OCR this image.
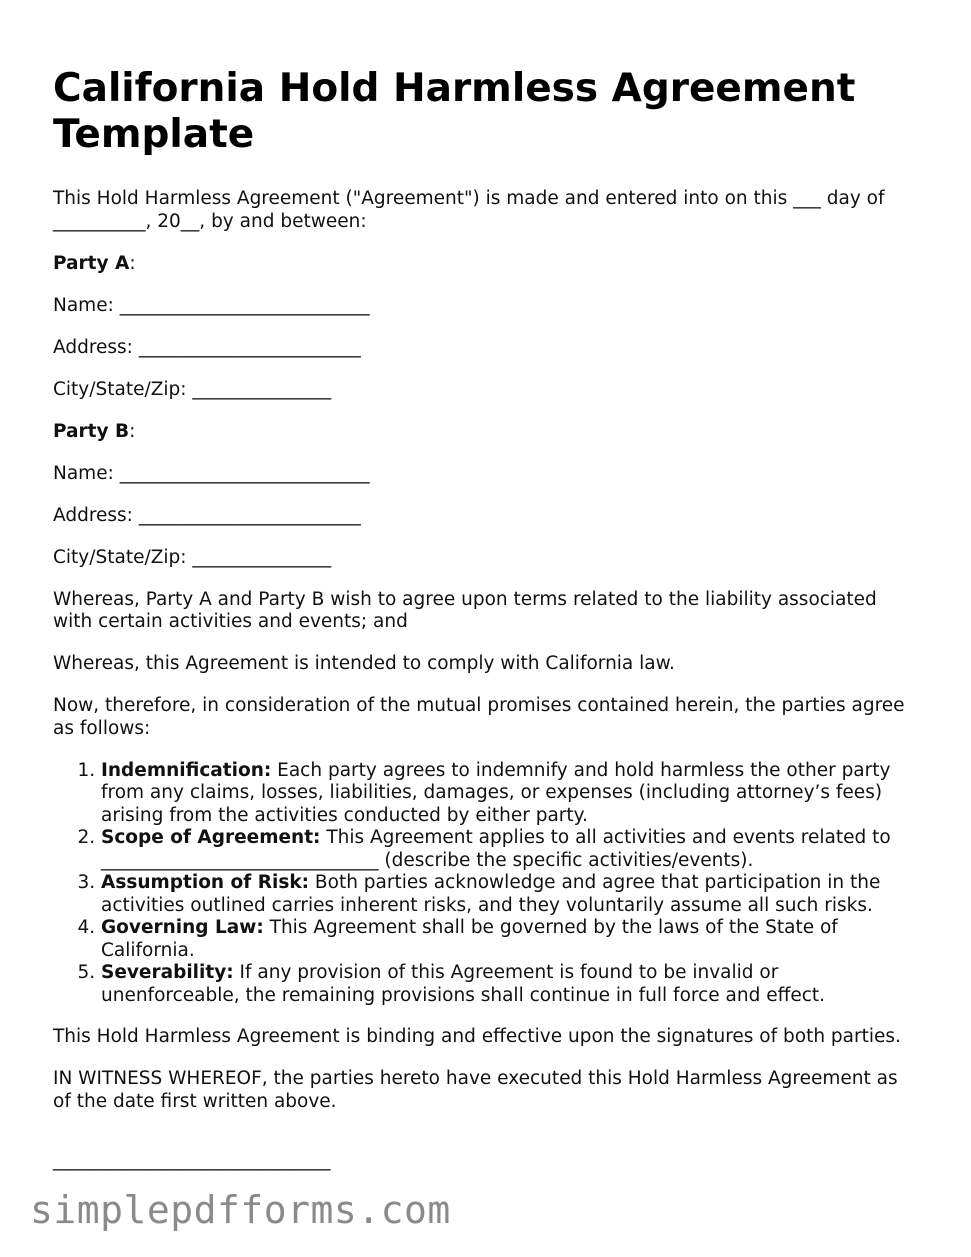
California Hold Harmless Agreement Template

This Hold Harmless Agreement ("Agreement") is made and entered into on this ___ day of __________, 20__, by and between:

Party A:

Name: ___________________________

Address: ________________________

City/State/Zip: _______________

Party B:

Name: ___________________________

Address: ________________________

City/State/Zip: _______________

Whereas, Party A and Party B wish to agree upon terms related to the liability associated with certain activities and events; and

Whereas, this Agreement is intended to comply with California law.

Now, therefore, in consideration of the mutual promises contained herein, the parties agree as follows:

1. Indemnification: Each party agrees to indemnify and hold harmless the other party from any claims, losses, liabilities, damages, or expenses (including attorney’s fees) arising from the activities conducted by either party.
2. Scope of Agreement: This Agreement applies to all activities and events related to ______________________________ (describe the specific activities/events).
3. Assumption of Risk: Both parties acknowledge and agree that participation in the activities outlined carries inherent risks, and they voluntarily assume all such risks.
4. Governing Law: This Agreement shall be governed by the laws of the State of California.
5. Severability: If any provision of this Agreement is found to be invalid or unenforceable, the remaining provisions shall continue in full force and effect.

This Hold Harmless Agreement is binding and effective upon the signatures of both parties.

IN WITNESS WHEREOF, the parties hereto have executed this Hold Harmless Agreement as of the date first written above.

______________________________
simplepdfforms.com
